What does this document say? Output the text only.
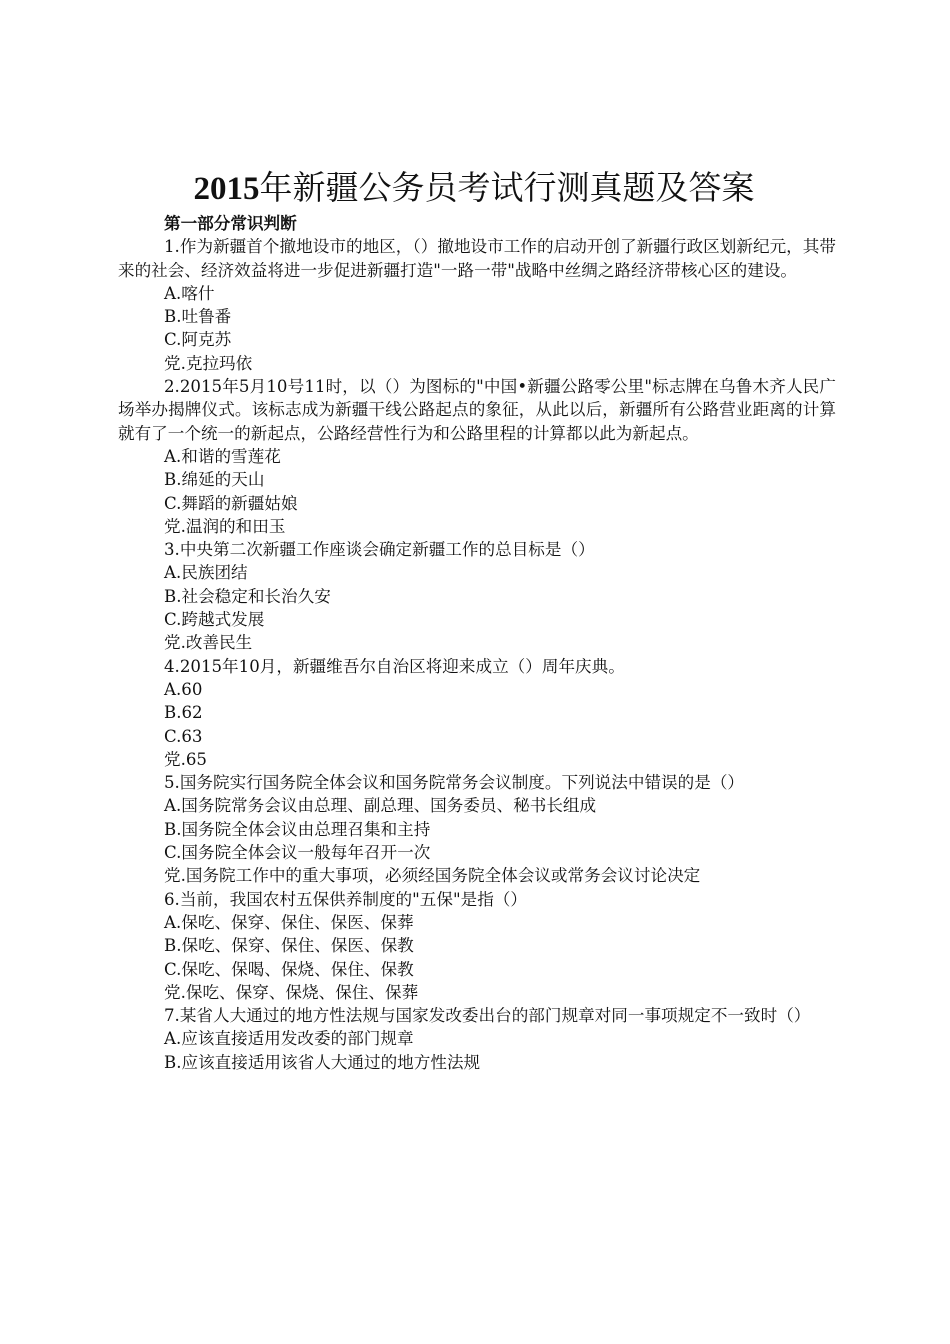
2015年新疆公务员考试行测真题及答案
第一部分常识判断

1.作为新疆首个撤地设市的地区，（）撤地设市工作的启动开创了新疆行政区划新纪元，其带来的社会、经济效益将进一步促进新疆打造"一路一带"战略中丝绸之路经济带核心区的建设。

A.喀什
B.吐鲁番
C.阿克苏
党.克拉玛依

2.2015年5月10号11时，以（）为图标的"中国•新疆公路零公里"标志牌在乌鲁木齐人民广场举办揭牌仪式。该标志成为新疆干线公路起点的象征，从此以后，新疆所有公路营业距离的计算就有了一个统一的新起点，公路经营性行为和公路里程的计算都以此为新起点。

A.和谐的雪莲花
B.绵延的天山
C.舞蹈的新疆姑娘
党.温润的和田玉

3.中央第二次新疆工作座谈会确定新疆工作的总目标是（）

A.民族团结
B.社会稳定和长治久安
C.跨越式发展
党.改善民生

4.2015年10月，新疆维吾尔自治区将迎来成立（）周年庆典。

A.60
B.62
C.63
党.65

5.国务院实行国务院全体会议和国务院常务会议制度。下列说法中错误的是（）

A.国务院常务会议由总理、副总理、国务委员、秘书长组成
B.国务院全体会议由总理召集和主持
C.国务院全体会议一般每年召开一次
党.国务院工作中的重大事项，必须经国务院全体会议或常务会议讨论决定

6.当前，我国农村五保供养制度的"五保"是指（）

A.保吃、保穿、保住、保医、保葬
B.保吃、保穿、保住、保医、保教
C.保吃、保喝、保烧、保住、保教
党.保吃、保穿、保烧、保住、保葬

7.某省人大通过的地方性法规与国家发改委出台的部门规章对同一事项规定不一致时（）

A.应该直接适用发改委的部门规章
B.应该直接适用该省人大通过的地方性法规
